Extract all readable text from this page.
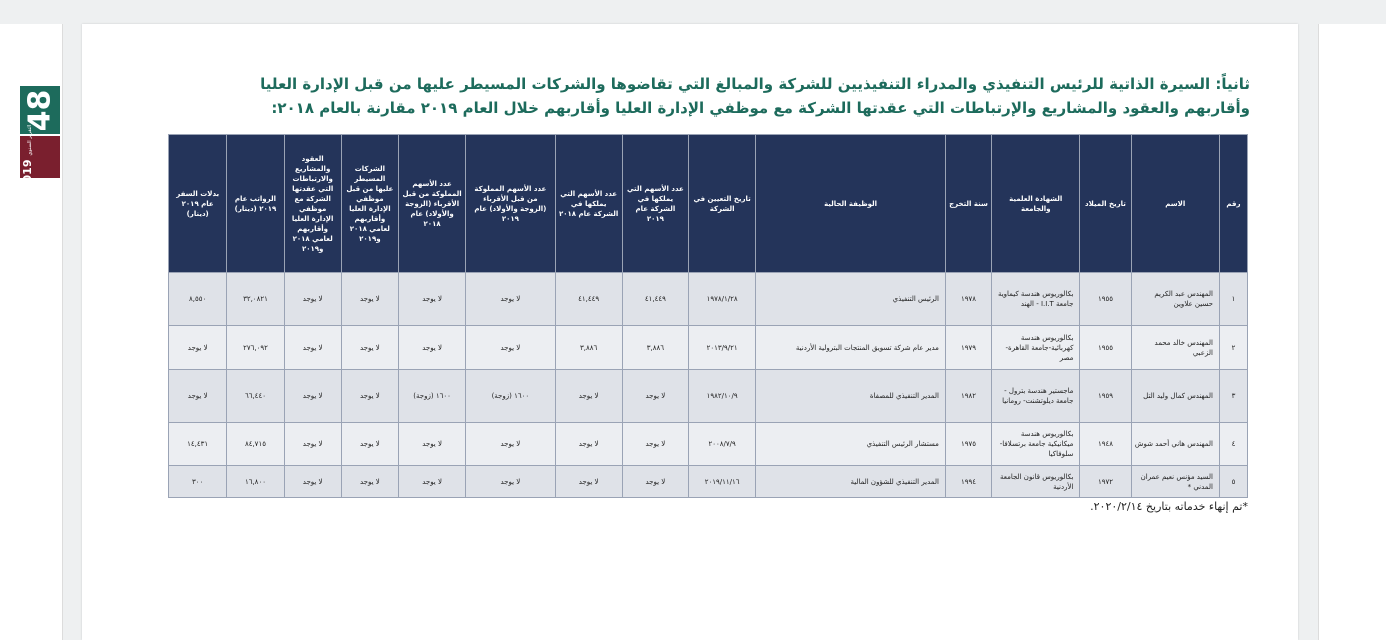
48
2019 التقرير السنوي
ثانياً: السيرة الذاتية للرئيس التنفيذي والمدراء التنفيذيين للشركة والمبالغ التي تقاضوها والشركات المسيطر عليها من قبل الإدارة العليا
وأقاربهم والعقود والمشاريع والإرتباطات التي عقدتها الشركة مع موظفي الإدارة العليا وأقاربهم خلال العام ٢٠١٩ مقارنة بالعام ٢٠١٨:
رقم	الاسم	تاريخ الميلاد	الشهادة العلمية والجامعة	سنة التخرج	الوظيفة الحالية	تاريخ التعيين في الشركة	عدد الأسهم التي يملكها في الشركة عام ٢٠١٩	عدد الأسهم التي يملكها في الشركة عام ٢٠١٨	عدد الأسهم المملوكة من قبل الأقرباء (الزوجة والأولاد) عام ٢٠١٩	عدد الأسهم المملوكة من قبل الأقرباء (الزوجة والأولاد) عام ٢٠١٨	الشركات المسيطر عليها من قبل موظفي الإدارة العليا وأقاربهم لعامي ٢٠١٨ و٢٠١٩	العقود والمشاريع والارتباطات التي عقدتها الشركة مع موظفي الإدارة العليا وأقاربهم لعامي ٢٠١٨ و٢٠١٩	الرواتب عام ٢٠١٩ (دينار)	بدلات السفر عام ٢٠١٩ (دينار)
١	المهندس عبد الكريم حسين علاوين	١٩٥٥	بكالوريوس هندسة كيماوية جامعة I.I.T - الهند	١٩٧٨	الرئيس التنفيذي	١٩٧٨/١/٢٨	٤١,٤٤٩	٤١,٤٤٩	لا يوجد	لا يوجد	لا يوجد	لا يوجد	٣٢,٠٨٢١	٨,٥٥٠
٢	المهندس خالد محمد الزعبي	١٩٥٥	بكالوريوس هندسة كهربائية-جامعة القاهرة-مصر	١٩٧٩	مدير عام شركة تسويق المنتجات البترولية الأردنية	٢٠١٣/٩/٢١	٣,٨٨٦	٣,٨٨٦	لا يوجد	لا يوجد	لا يوجد	لا يوجد	٢٧٦,٠٩٢	لا يوجد
٣	المهندس كمال وليد التل	١٩٥٩	ماجستير هندسة بترول - جامعة ديلوتشنت- رومانيا	١٩٨٢	المدير التنفيذي للمصفاة	١٩٨٢/١٠/٩	لا يوجد	لا يوجد	١٦٠٠ (زوجة)	١٦٠٠ (زوجة)	لا يوجد	لا يوجد	٦٦,٤٤٠	لا يوجد
٤	المهندس هاني أحمد شوش	١٩٤٨	بكالوريوس هندسة ميكانيكية جامعة برتسلافا-سلوفاكيا	١٩٧٥	مستشار الرئيس التنفيذي	٢٠٠٨/٧/٩	لا يوجد	لا يوجد	لا يوجد	لا يوجد	لا يوجد	لا يوجد	٨٤,٧١٥	١٤,٤٣١
٥	السيد مؤنس نعيم عمران المدني *	١٩٧٢	بكالوريوس قانون الجامعة الأردنية	١٩٩٤	المدير التنفيذي للشؤون المالية	٢٠١٩/١١/١٦	لا يوجد	لا يوجد	لا يوجد	لا يوجد	لا يوجد	لا يوجد	١٦,٨٠٠	٣٠٠
*تم إنهاء خدماته بتاريخ ٢٠٢٠/٢/١٤.
